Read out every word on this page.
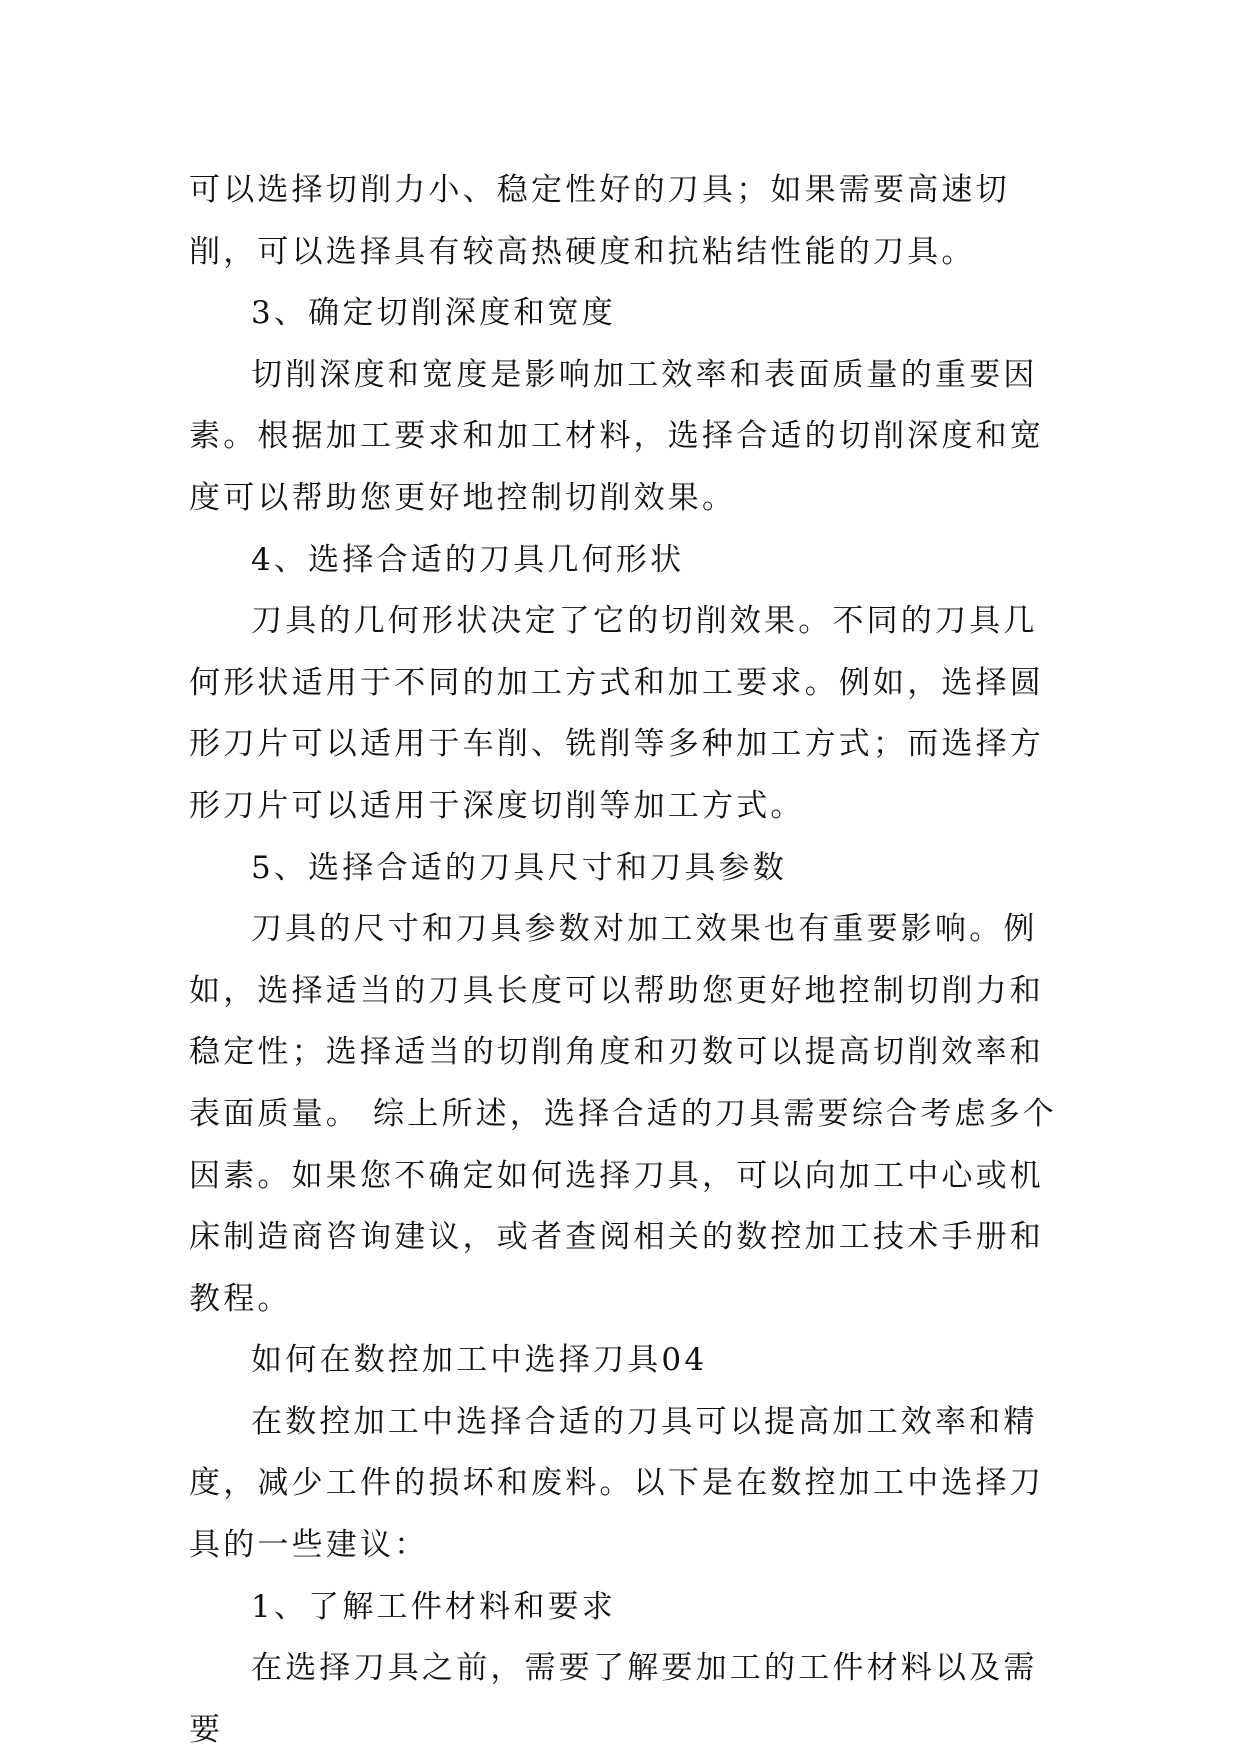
可以选择切削力小、稳定性好的刀具；如果需要高速切削，可以选择具有较高热硬度和抗粘结性能的刀具。

3、确定切削深度和宽度

切削深度和宽度是影响加工效率和表面质量的重要因素。根据加工要求和加工材料，选择合适的切削深度和宽度可以帮助您更好地控制切削效果。

4、选择合适的刀具几何形状

刀具的几何形状决定了它的切削效果。不同的刀具几何形状适用于不同的加工方式和加工要求。例如，选择圆形刀片可以适用于车削、铣削等多种加工方式；而选择方形刀片可以适用于深度切削等加工方式。

5、选择合适的刀具尺寸和刀具参数

刀具的尺寸和刀具参数对加工效果也有重要影响。例如，选择适当的刀具长度可以帮助您更好地控制切削力和稳定性；选择适当的切削角度和刃数可以提高切削效率和表面质量。 综上所述，选择合适的刀具需要综合考虑多个因素。如果您不确定如何选择刀具，可以向加工中心或机床制造商咨询建议，或者查阅相关的数控加工技术手册和教程。

如何在数控加工中选择刀具04

在数控加工中选择合适的刀具可以提高加工效率和精度，减少工件的损坏和废料。以下是在数控加工中选择刀具的一些建议：

1、了解工件材料和要求

在选择刀具之前，需要了解要加工的工件材料以及需要
